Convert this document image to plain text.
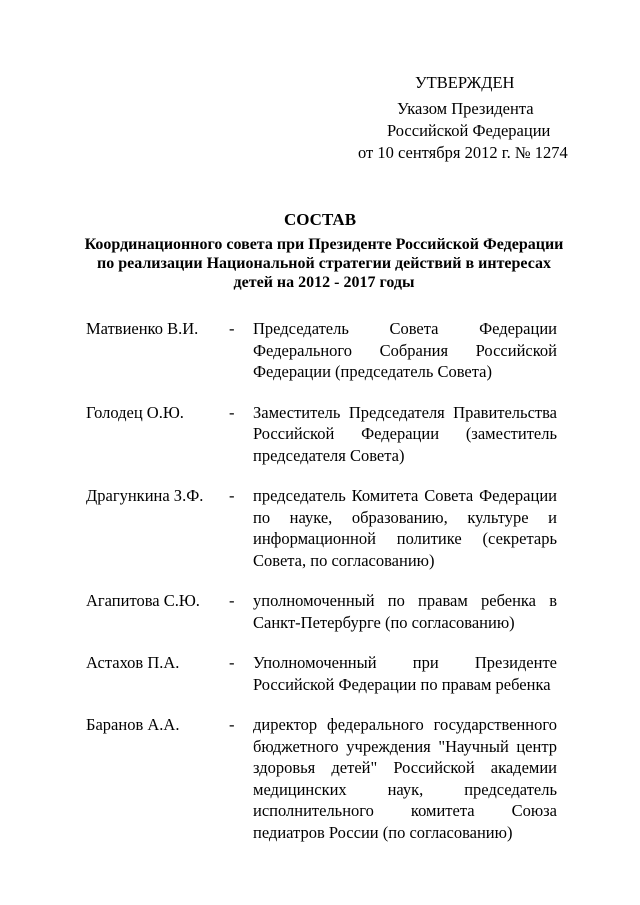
УТВЕРЖДЕН
Указом Президента
Российской Федерации
от 10 сентября 2012 г. № 1274
СОСТАВ
Координационного совета при Президенте Российской Федерации по реализации Национальной стратегии действий в интересах детей на 2012 - 2017 годы
Матвиенко В.И. - Председатель Совета Федерации Федерального Собрания Российской Федерации (председатель Совета)
Голодец О.Ю.	- Заместитель Председателя Правительства Российской Федерации (заместитель председателя Совета)
Драгункина З.Ф. - председатель Комитета Совета Федерации по науке, образованию, культуре и информационной политике (секретарь Совета, по согласованию)
Агапитова С.Ю. - уполномоченный по правам ребенка в Санкт-Петербурге (по согласованию)
Астахов П.А.	- Уполномоченный при Президенте Российской Федерации по правам ребенка
Баранов А.А.	- директор федерального государственного бюджетного учреждения "Научный центр здоровья детей" Российской академии медицинских наук, председатель исполнительного комитета Союза педиатров России (по согласованию)
